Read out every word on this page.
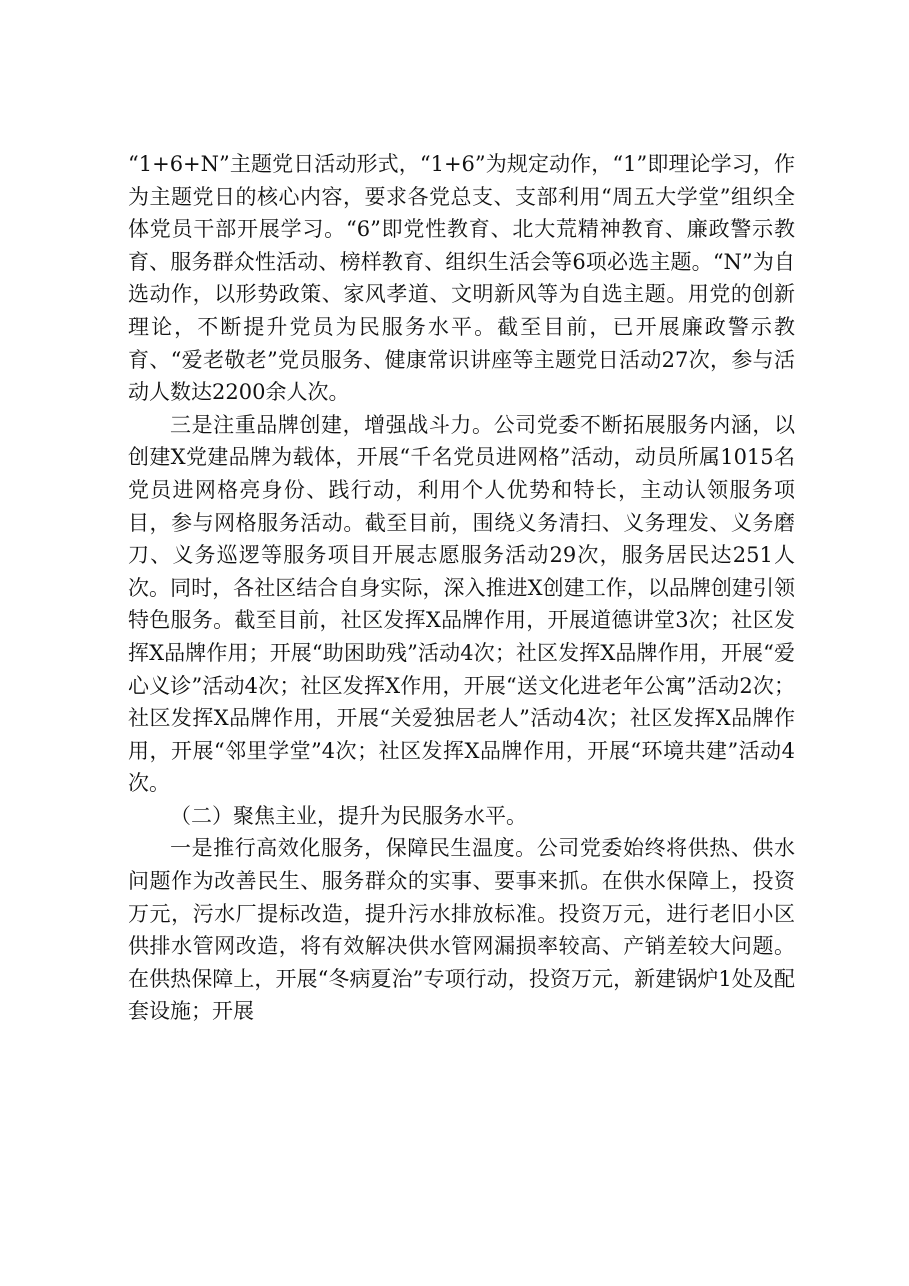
“1+6+N”主题党日活动形式，“1+6”为规定动作，“1”即理论学习，作为主题党日的核心内容，要求各党总支、支部利用“周五大学堂”组织全体党员干部开展学习。“6”即党性教育、北大荒精神教育、廉政警示教育、服务群众性活动、榜样教育、组织生活会等6项必选主题。“N”为自选动作，以形势政策、家风孝道、文明新风等为自选主题。用党的创新理论，不断提升党员为民服务水平。截至目前，已开展廉政警示教育、“爱老敬老”党员服务、健康常识讲座等主题党日活动27次，参与活动人数达2200余人次。

三是注重品牌创建，增强战斗力。公司党委不断拓展服务内涵，以创建X党建品牌为载体，开展“千名党员进网格”活动，动员所属1015名党员进网格亮身份、践行动，利用个人优势和特长，主动认领服务项目，参与网格服务活动。截至目前，围绕义务清扫、义务理发、义务磨刀、义务巡逻等服务项目开展志愿服务活动29次，服务居民达251人次。同时，各社区结合自身实际，深入推进X创建工作，以品牌创建引领特色服务。截至目前，社区发挥X品牌作用，开展道德讲堂3次；社区发挥X品牌作用；开展“助困助残”活动4次；社区发挥X品牌作用，开展“爱心义诊”活动4次；社区发挥X作用，开展“送文化进老年公寓”活动2次；社区发挥X品牌作用，开展“关爱独居老人”活动4次；社区发挥X品牌作用，开展“邻里学堂”4次；社区发挥X品牌作用，开展“环境共建”活动4次。

（二）聚焦主业，提升为民服务水平。

一是推行高效化服务，保障民生温度。公司党委始终将供热、供水问题作为改善民生、服务群众的实事、要事来抓。在供水保障上，投资万元，污水厂提标改造，提升污水排放标准。投资万元，进行老旧小区供排水管网改造，将有效解决供水管网漏损率较高、产销差较大问题。在供热保障上，开展“冬病夏治”专项行动，投资万元，新建锅炉1处及配套设施；开展
